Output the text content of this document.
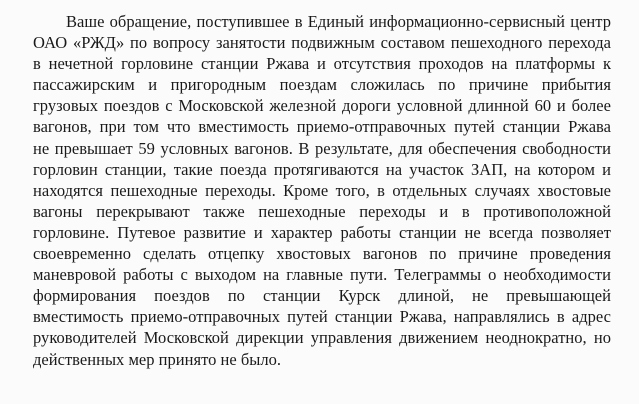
Ваше обращение, поступившее в Единый информационно-сервисный центр
ОАО «РЖД» по вопросу занятости подвижным составом пешеходного перехода
в нечетной горловине станции Ржава и отсутствия проходов на платформы к
пассажирским и пригородным поездам сложилась по причине прибытия
грузовых поездов с Московской железной дороги условной длинной 60 и более
вагонов, при том что вместимость приемо-отправочных путей станции Ржава
не превышает 59 условных вагонов. В результате, для обеспечения свободности
горловин станции, такие поезда протягиваются на участок ЗАП, на котором и
находятся пешеходные переходы. Кроме того, в отдельных случаях хвостовые
вагоны перекрывают также пешеходные переходы и в противоположной
горловине. Путевое развитие и характер работы станции не всегда позволяет
своевременно сделать отцепку хвостовых вагонов по причине проведения
маневровой работы с выходом на главные пути. Телеграммы о необходимости
формирования поездов по станции Курск длиной, не превышающей
вместимость приемо-отправочных путей станции Ржава, направлялись в адрес
руководителей Московской дирекции управления движением неоднократно, но
действенных мер принято не было.
